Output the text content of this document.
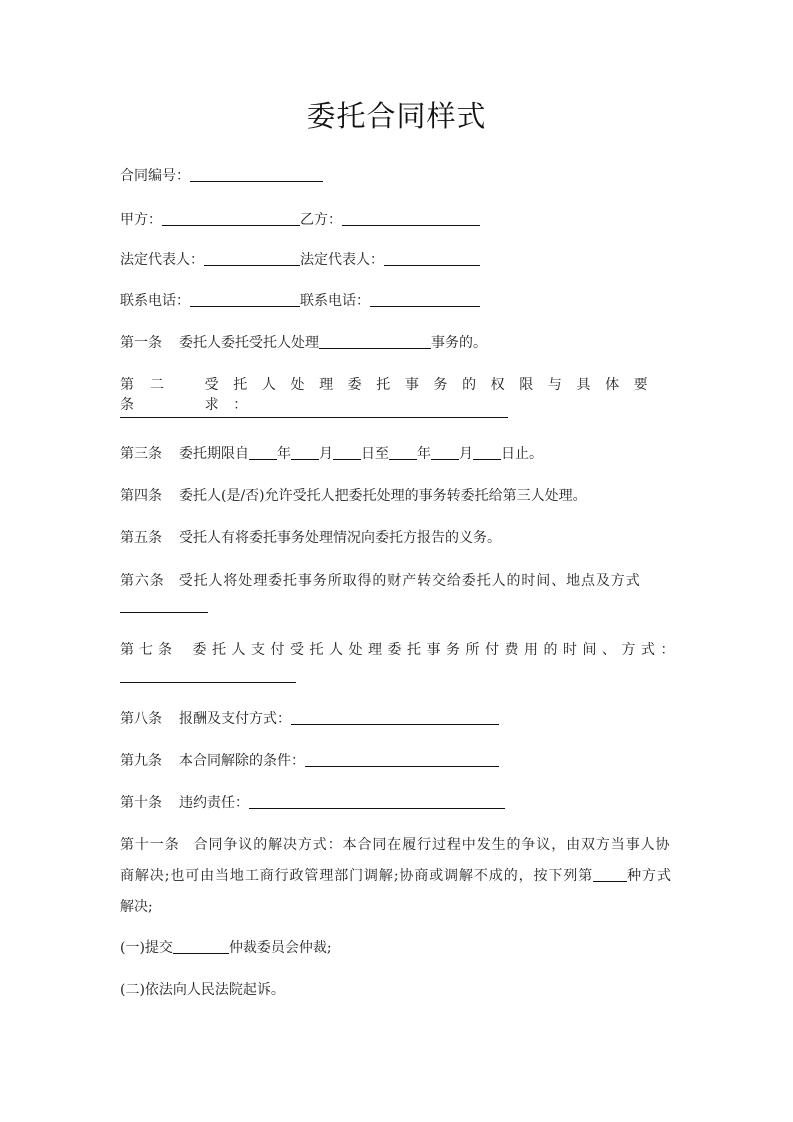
委托合同样式
合同编号：
甲方：	乙方：
法定代表人：	法定代表人：
联系电话：	联系电话：
第一条 委托人委托受托人处理	事务的。
第二条
受托人处理委托事务的权限与具体要求：
第三条 委托期限自 年 月 日至 年 月 日止。
第四条 委托人(是/否)允许受托人把委托处理的事务转委托给第三人处理。
第五条 受托人有将委托事务处理情况向委托方报告的义务。
第六条 受托人将处理委托事务所取得的财产转交给委托人的时间、地点及方式
第七条 委托人支付受托人处理委托事务所付费用的时间、方式：
第八条 报酬及支付方式：
第九条 本合同解除的条件：
第十条 违约责任：
第十一条 合同争议的解决方式：本合同在履行过程中发生的争议，由双方当事人协
商解决;也可由当地工商行政管理部门调解;协商或调解不成的，按下列第 种方式
解决;
(一)提交	仲裁委员会仲裁;
(二)依法向人民法院起诉。
